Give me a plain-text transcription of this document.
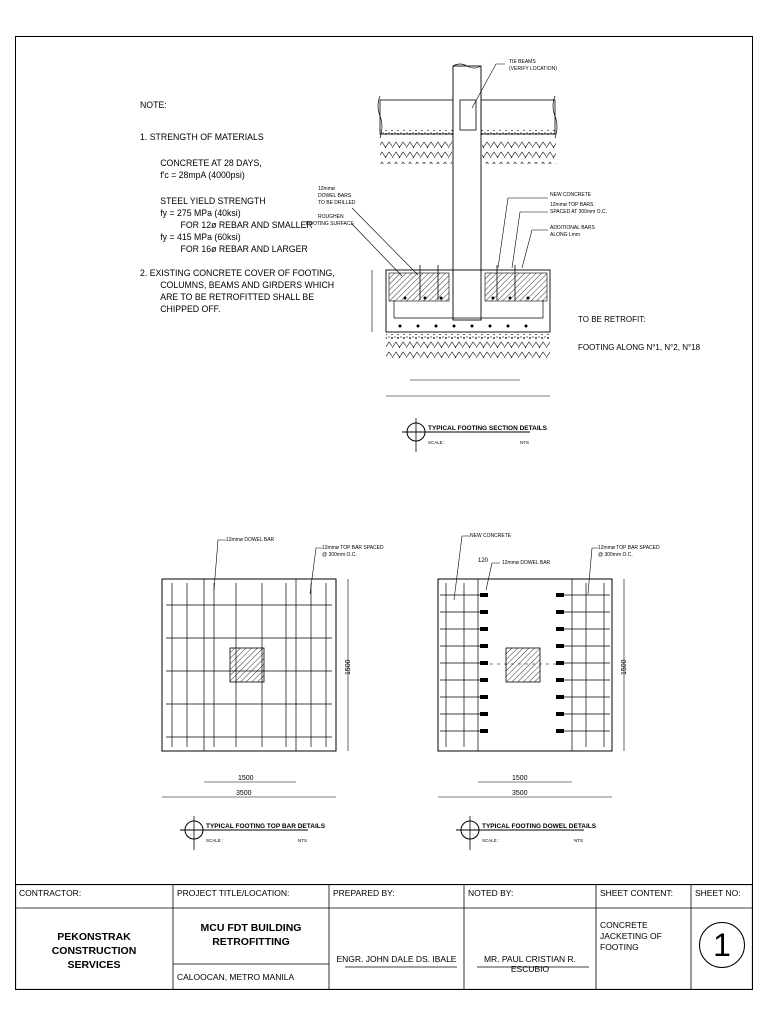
NOTE:
1. STRENGTH OF MATERIALS
CONCRETE AT 28 DAYS,
f'c = 28mpA (4000psi)
STEEL YIELD STRENGTH
fy = 275 MPa (40ksi)
FOR 12ø REBAR AND SMALLER
fy = 415 MPa (60ksi)
FOR 16ø REBAR AND LARGER
2. EXISTING CONCRETE COVER OF FOOTING,
COLUMNS, BEAMS AND GIRDERS WHICH
ARE TO BE RETROFITTED SHALL BE
CHIPPED OFF.
TIE BEAMS
(VERIFY LOCATION)
12mmø
DOWEL BARS
TO BE DRILLED
ROUGHEN
FOOTING SURFACE
NEW CONCRETE
12mmø TOP BARS
SPACED AT 300mm O.C.
ADDITIONAL BARS
ALONG Lmm
TO BE RETROFIT:
FOOTING ALONG N°1, N°2, N°18
TYPICAL FOOTING SECTION DETAILS
SCALE :	NTS
12mmø DOWEL BAR
12mmø TOP BAR SPACED
@ 300mm O.C.
1500
1500
3500
TYPICAL FOOTING TOP BAR DETAILS
SCALE :	NTS
NEW CONCRETE
120	12mmø DOWEL BAR
12mmø TOP BAR SPACED
@ 300mm O.C.
1500
1500
3500
TYPICAL FOOTING DOWEL DETAILS
SCALE :	NTS
CONTRACTOR:
PEKONSTRAK CONSTRUCTION
SERVICES
PROJECT TITLE/LOCATION:
MCU FDT BUILDING
RETROFITTING
CALOOCAN, METRO MANILA
PREPARED BY:
ENGR. JOHN DALE DS. IBALE
NOTED BY:
MR. PAUL CRISTIAN R. ESCUBIO
SHEET CONTENT:
CONCRETE JACKETING OF
FOOTING
SHEET NO:
1
